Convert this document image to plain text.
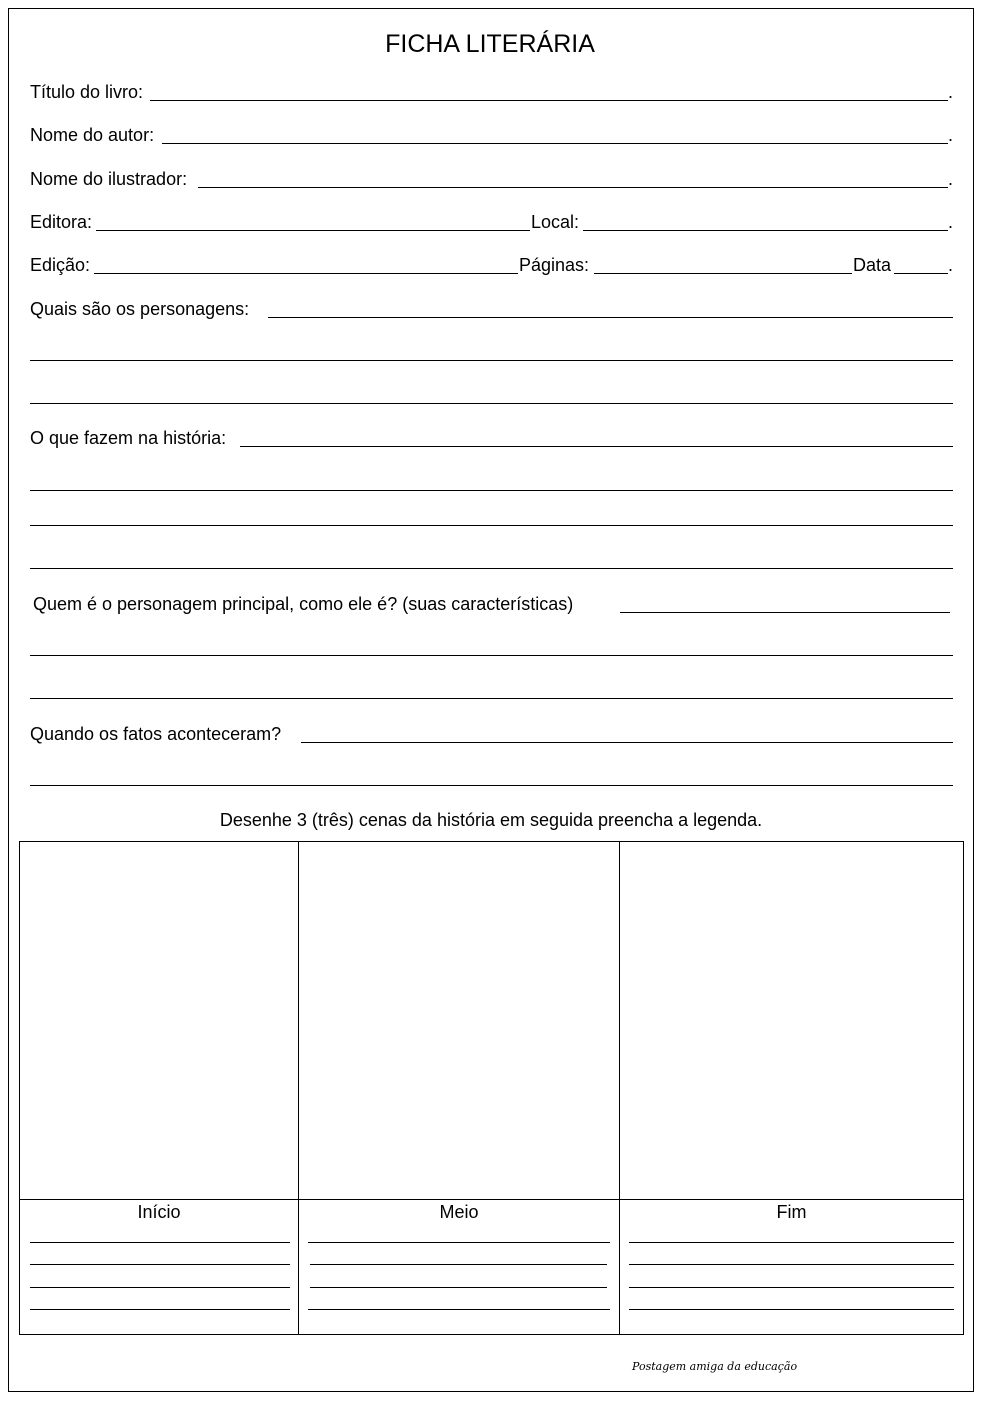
FICHA LITERÁRIA
Título do livro:	.
Nome do autor:	.
Nome do ilustrador:	.
Editora:	Local:	.
Edição:	Páginas:	Data	.
Quais são os personagens:
O que fazem na história:
Quem é o personagem principal, como ele é? (suas características)
Quando os fatos aconteceram?
Desenhe 3 (três) cenas da história em seguida preencha a legenda.
Início	Meio	Fim
Postagem amiga da educação
